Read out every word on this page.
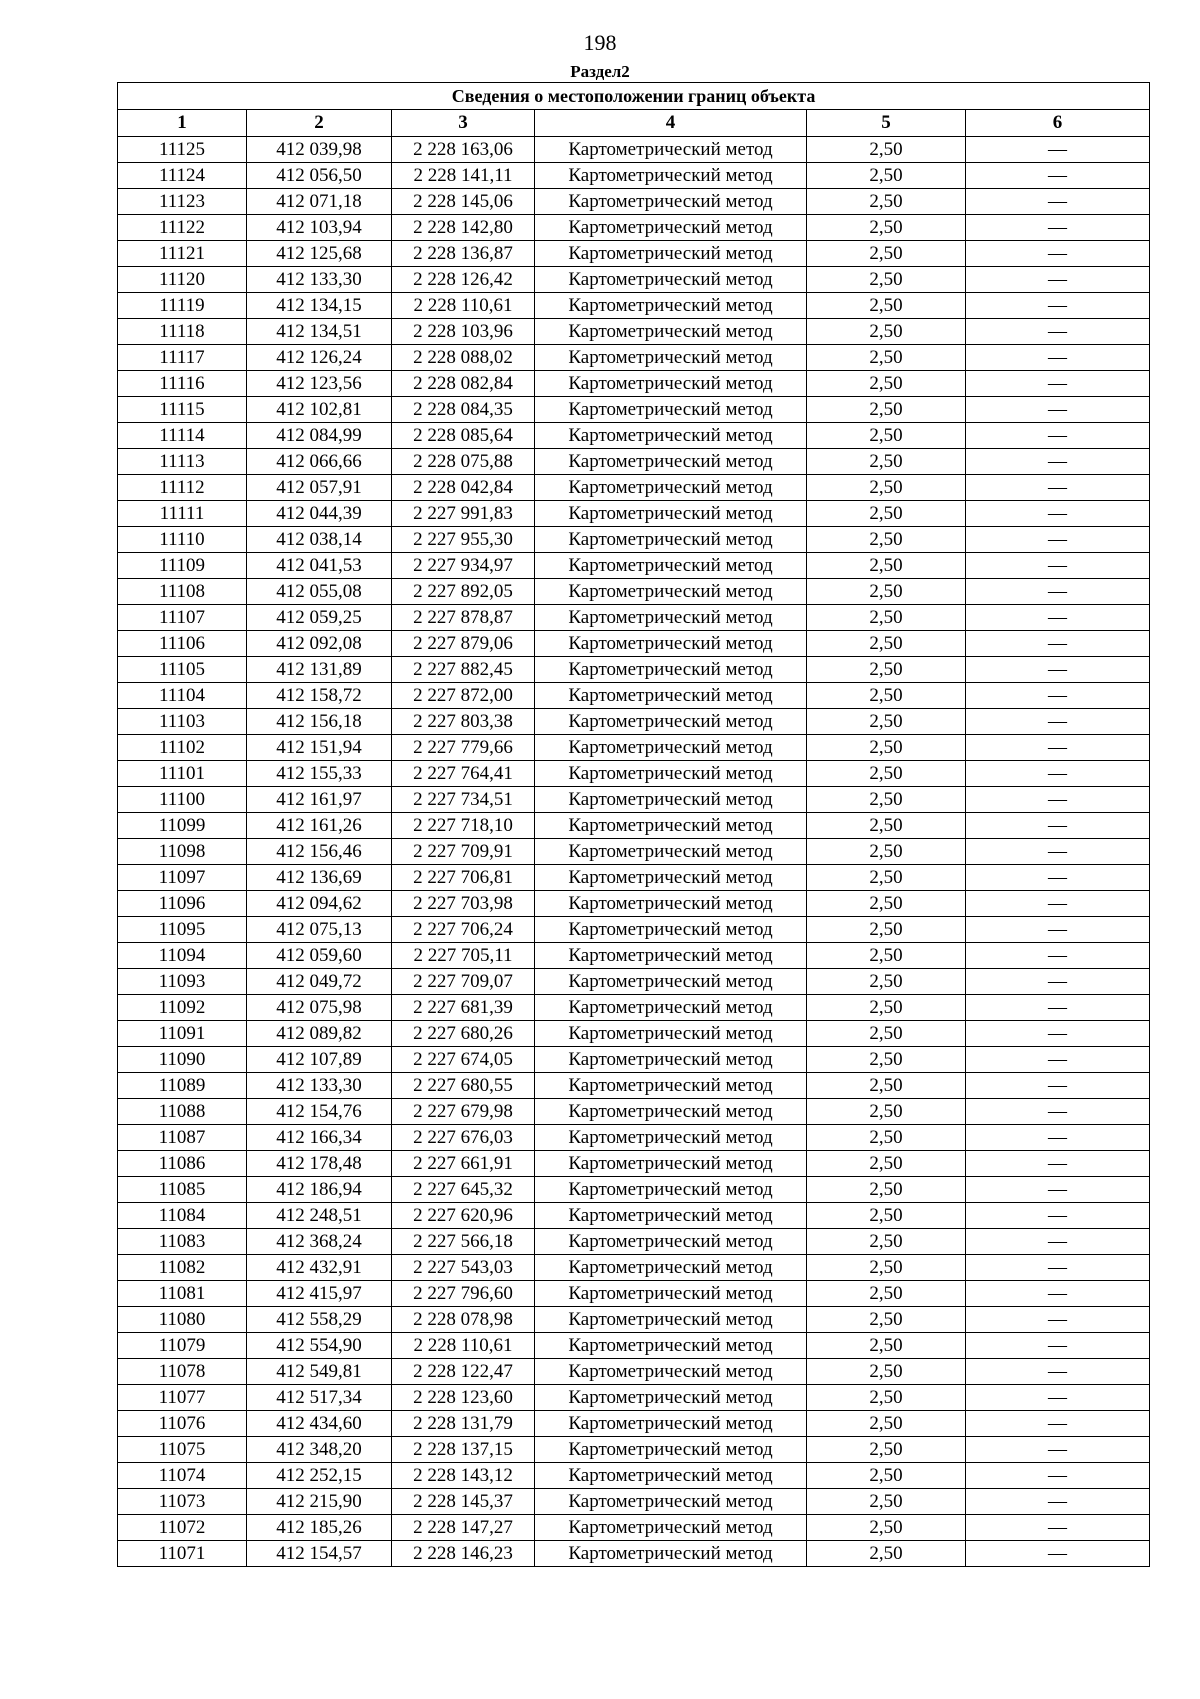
198
Раздел2
Сведения о местоположении границ объекта					
1	2	3	4	5	6
11125	412 039,98	2 228 163,06	Картометрический метод	2,50	—
11124	412 056,50	2 228 141,11	Картометрический метод	2,50	—
11123	412 071,18	2 228 145,06	Картометрический метод	2,50	—
11122	412 103,94	2 228 142,80	Картометрический метод	2,50	—
11121	412 125,68	2 228 136,87	Картометрический метод	2,50	—
11120	412 133,30	2 228 126,42	Картометрический метод	2,50	—
11119	412 134,15	2 228 110,61	Картометрический метод	2,50	—
11118	412 134,51	2 228 103,96	Картометрический метод	2,50	—
11117	412 126,24	2 228 088,02	Картометрический метод	2,50	—
11116	412 123,56	2 228 082,84	Картометрический метод	2,50	—
11115	412 102,81	2 228 084,35	Картометрический метод	2,50	—
11114	412 084,99	2 228 085,64	Картометрический метод	2,50	—
11113	412 066,66	2 228 075,88	Картометрический метод	2,50	—
11112	412 057,91	2 228 042,84	Картометрический метод	2,50	—
11111	412 044,39	2 227 991,83	Картометрический метод	2,50	—
11110	412 038,14	2 227 955,30	Картометрический метод	2,50	—
11109	412 041,53	2 227 934,97	Картометрический метод	2,50	—
11108	412 055,08	2 227 892,05	Картометрический метод	2,50	—
11107	412 059,25	2 227 878,87	Картометрический метод	2,50	—
11106	412 092,08	2 227 879,06	Картометрический метод	2,50	—
11105	412 131,89	2 227 882,45	Картометрический метод	2,50	—
11104	412 158,72	2 227 872,00	Картометрический метод	2,50	—
11103	412 156,18	2 227 803,38	Картометрический метод	2,50	—
11102	412 151,94	2 227 779,66	Картометрический метод	2,50	—
11101	412 155,33	2 227 764,41	Картометрический метод	2,50	—
11100	412 161,97	2 227 734,51	Картометрический метод	2,50	—
11099	412 161,26	2 227 718,10	Картометрический метод	2,50	—
11098	412 156,46	2 227 709,91	Картометрический метод	2,50	—
11097	412 136,69	2 227 706,81	Картометрический метод	2,50	—
11096	412 094,62	2 227 703,98	Картометрический метод	2,50	—
11095	412 075,13	2 227 706,24	Картометрический метод	2,50	—
11094	412 059,60	2 227 705,11	Картометрический метод	2,50	—
11093	412 049,72	2 227 709,07	Картометрический метод	2,50	—
11092	412 075,98	2 227 681,39	Картометрический метод	2,50	—
11091	412 089,82	2 227 680,26	Картометрический метод	2,50	—
11090	412 107,89	2 227 674,05	Картометрический метод	2,50	—
11089	412 133,30	2 227 680,55	Картометрический метод	2,50	—
11088	412 154,76	2 227 679,98	Картометрический метод	2,50	—
11087	412 166,34	2 227 676,03	Картометрический метод	2,50	—
11086	412 178,48	2 227 661,91	Картометрический метод	2,50	—
11085	412 186,94	2 227 645,32	Картометрический метод	2,50	—
11084	412 248,51	2 227 620,96	Картометрический метод	2,50	—
11083	412 368,24	2 227 566,18	Картометрический метод	2,50	—
11082	412 432,91	2 227 543,03	Картометрический метод	2,50	—
11081	412 415,97	2 227 796,60	Картометрический метод	2,50	—
11080	412 558,29	2 228 078,98	Картометрический метод	2,50	—
11079	412 554,90	2 228 110,61	Картометрический метод	2,50	—
11078	412 549,81	2 228 122,47	Картометрический метод	2,50	—
11077	412 517,34	2 228 123,60	Картометрический метод	2,50	—
11076	412 434,60	2 228 131,79	Картометрический метод	2,50	—
11075	412 348,20	2 228 137,15	Картометрический метод	2,50	—
11074	412 252,15	2 228 143,12	Картометрический метод	2,50	—
11073	412 215,90	2 228 145,37	Картометрический метод	2,50	—
11072	412 185,26	2 228 147,27	Картометрический метод	2,50	—
11071	412 154,57	2 228 146,23	Картометрический метод	2,50	—
